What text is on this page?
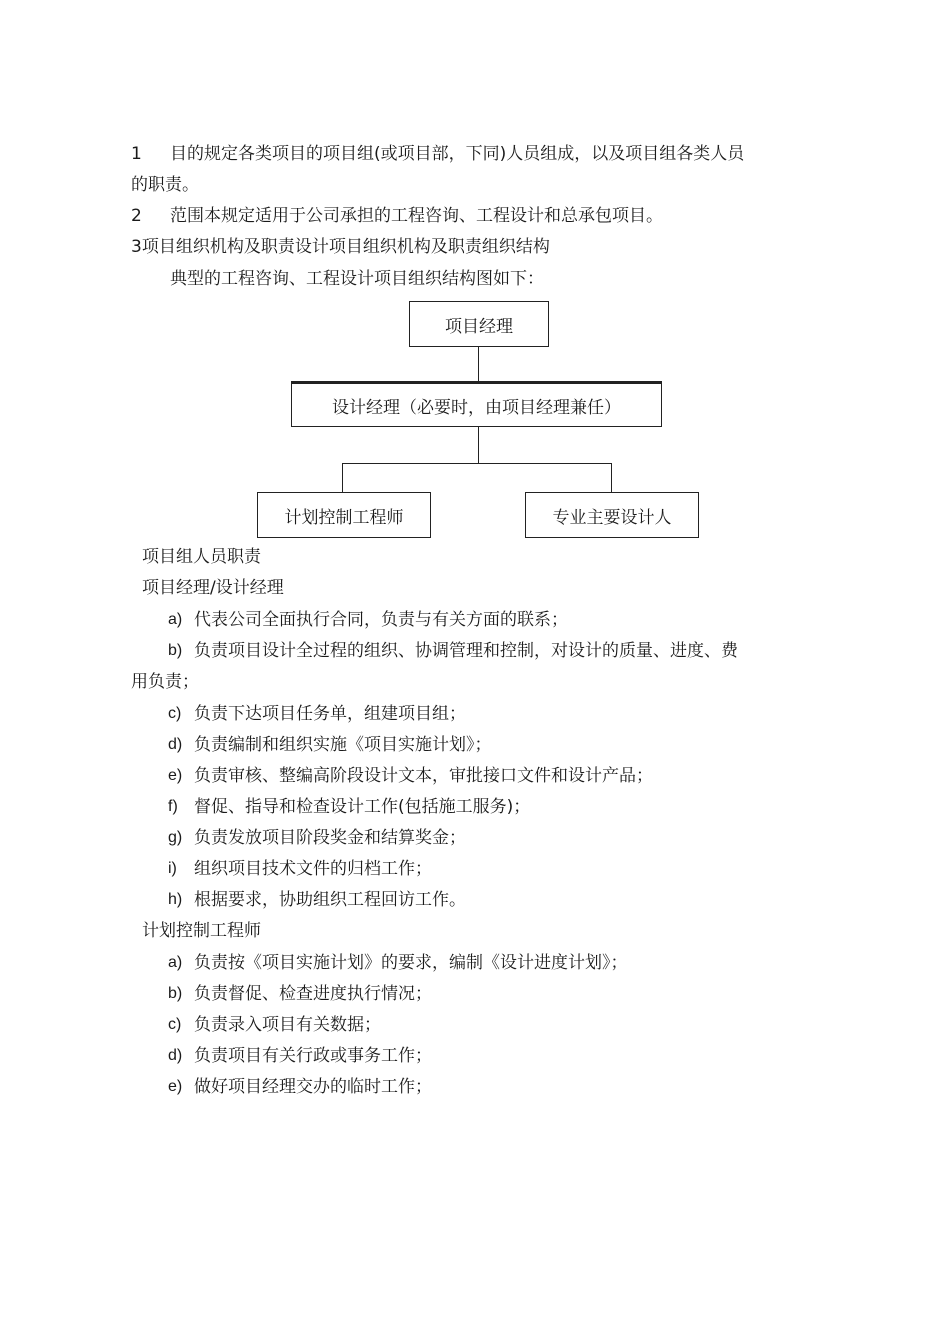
1 目的规定各类项目的项目组(或项目部，下同)人员组成，以及项目组各类人员
的职责。
2 范围本规定适用于公司承担的工程咨询、工程设计和总承包项目。
3项目组织机构及职责设计项目组织机构及职责组织结构
典型的工程咨询、工程设计项目组织结构图如下：
项目经理
设计经理（必要时，由项目经理兼任）
计划控制工程师	专业主要设计人
项目组人员职责
项目经理/设计经理
a) 代表公司全面执行合同，负责与有关方面的联系；
b) 负责项目设计全过程的组织、协调管理和控制，对设计的质量、进度、费
用负责；
c) 负责下达项目任务单，组建项目组；
d) 负责编制和组织实施《项目实施计划》；
e) 负责审核、整编高阶段设计文本，审批接口文件和设计产品；
f) 督促、指导和检查设计工作(包括施工服务)；
g) 负责发放项目阶段奖金和结算奖金；
i) 组织项目技术文件的归档工作；
h) 根据要求，协助组织工程回访工作。
计划控制工程师
a) 负责按《项目实施计划》的要求，编制《设计进度计划》；
b) 负责督促、检查进度执行情况；
c) 负责录入项目有关数据；
d) 负责项目有关行政或事务工作；
e) 做好项目经理交办的临时工作；
